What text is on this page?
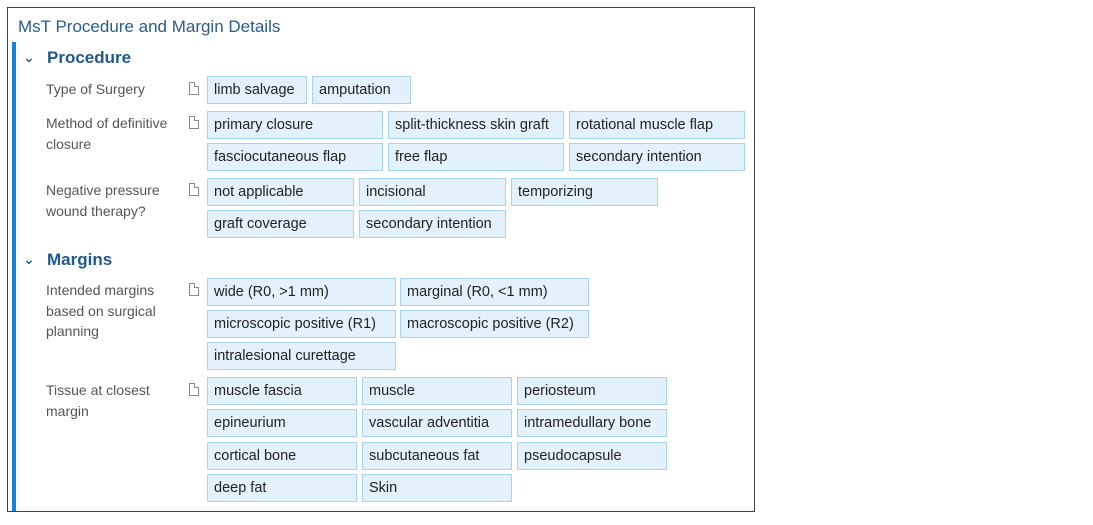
MsT Procedure and Margin Details
⌄ Procedure
Type of Surgery	limb salvage	amputation
Method of definitive closure
primary closure	split-thickness skin graft	rotational muscle flap
fasciocutaneous flap	free flap	secondary intention
Negative pressure wound therapy?
not applicable	incisional	temporizing
graft coverage	secondary intention
⌄ Margins
Intended margins based on surgical planning
wide (R0, >1 mm)	marginal (R0, <1 mm)
microscopic positive (R1)	macroscopic positive (R2)
intralesional curettage
Tissue at closest margin
muscle fascia	muscle	periosteum
epineurium	vascular adventitia	intramedullary bone
cortical bone	subcutaneous fat	pseudocapsule
deep fat	Skin
